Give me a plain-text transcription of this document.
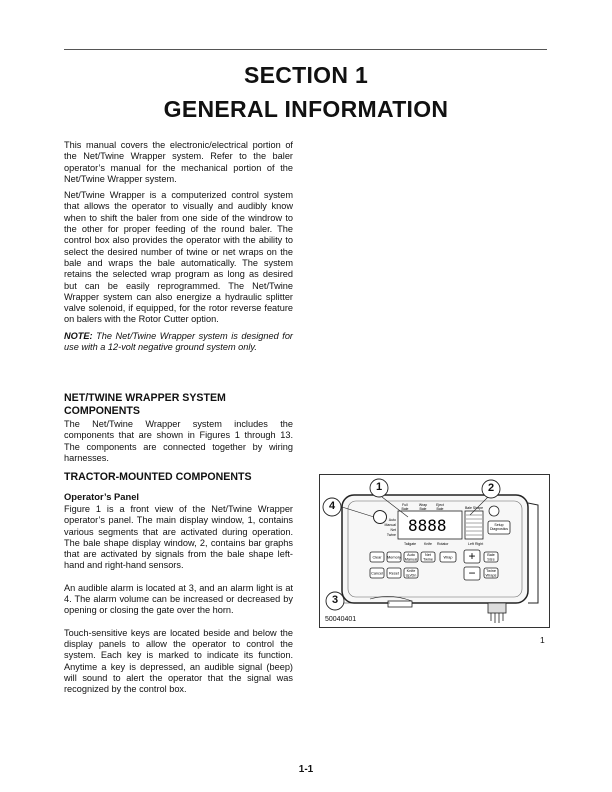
SECTION 1
GENERAL INFORMATION

This manual covers the electronic/electrical portion of the Net/Twine Wrapper system. Refer to the baler operator’s manual for the mechanical portion of the Net/Twine Wrapper system.

Net/Twine Wrapper is a computerized control system that allows the operator to visually and audibly know when to shift the baler from one side of the windrow to the other for proper feeding of the round baler. The control box also provides the operator with the ability to select the desired number of twine or net wraps on the bale and wraps the bale automatically. The system retains the selected wrap program as long as desired but can be easily reprogrammed. The Net/Twine Wrapper system can also energize a hydraulic splitter valve solenoid, if equipped, for the rotor reverse feature on balers with the Rotor Cutter option.

NOTE: The Net/Twine Wrapper system is designed for use with a 12-volt negative ground system only.

NET/TWINE WRAPPER SYSTEM COMPONENTS

The Net/Twine Wrapper system includes the components that are shown in Figures 1 through 13. The components are connected together by wiring harnesses.

TRACTOR-MOUNTED COMPONENTS

Operator’s Panel

Figure 1 is a front view of the Net/Twine Wrapper operator’s panel. The main display window, 1, contains various segments that are activated during operation. The bale shape display window, 2, contains bar graphs that are activated by signals from the bale shape left-hand and right-hand sensors.

An audible alarm is located at 3, and an alarm light is at 4. The alarm volume can be increased or decreased by opening or closing the gate over the horn.

Touch-sensitive keys are located beside and below the display panels to allow the operator to control the system. Each key is marked to indicate its function. Anytime a key is depressed, an audible signal (beep) will sound to alert the operator that the signal was recognized by the control box.

Full Bale
Wrap Bale
Eject Bale
Auto
Manual
Net
Twine 8888
Tailgate Knife Rotator
Bale Shape
Left Right
Setup Diagnostics
Clear Memory
Auto
Manual
Net
Twine	Wrap +	Bale
Size
Cancel Reset
Knife
Up/Dn	−	Twine
Wraps
1	2
3
4
50040401
1
1-1
